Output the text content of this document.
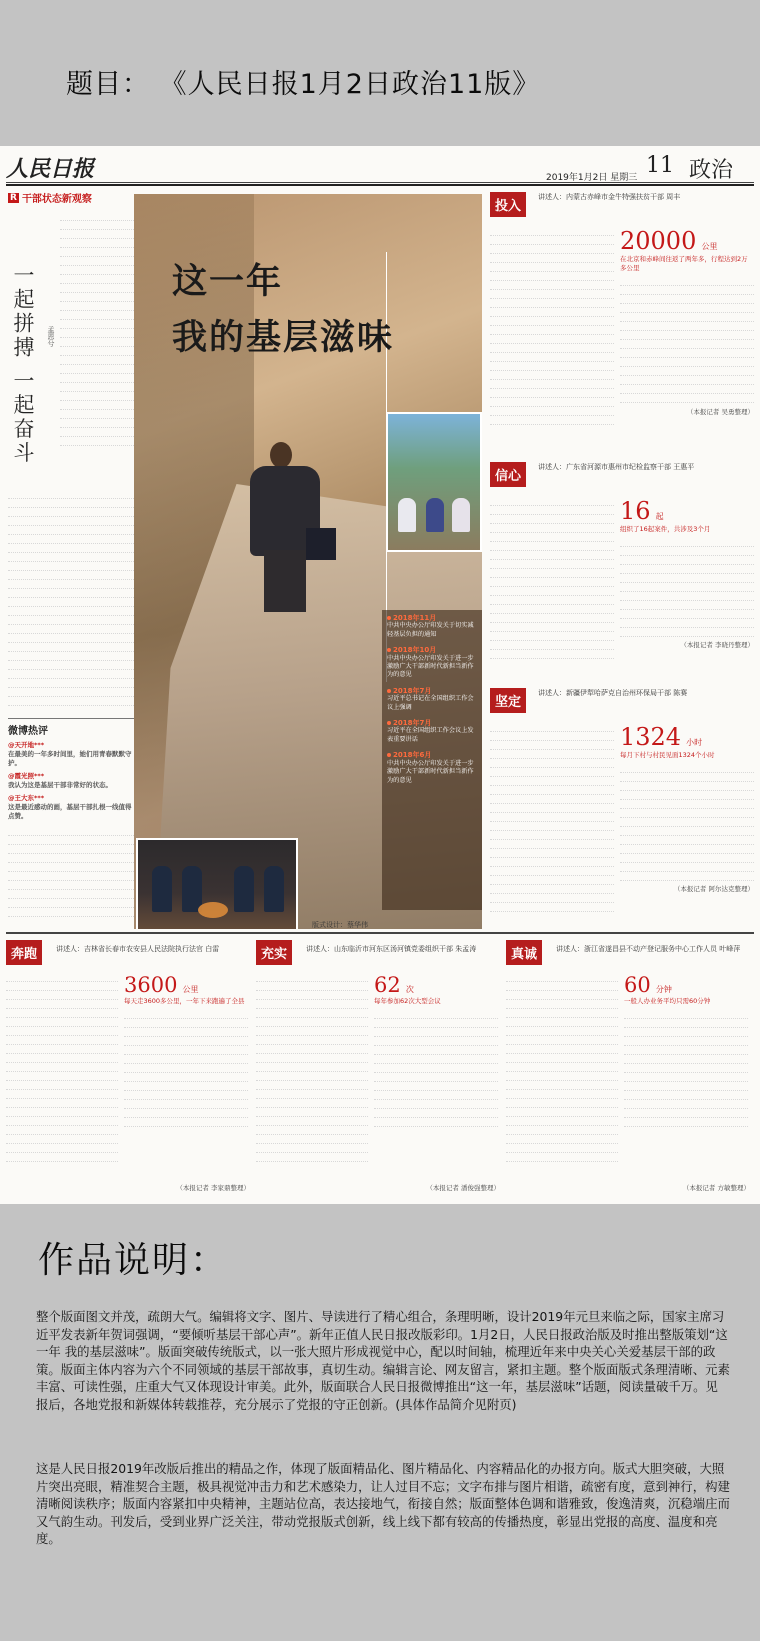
题目： 《人民日报1月2日政治11版》
人民日报	2019年1月2日 星期三 11 政治
R 干部状态新观察
一起拼搏 一起奋斗	孟恩兮
微博热评
@天开地***
在最美的一年多时间里，她们用青春默默守护。
@霞光照***
我认为这是基层干部非常好的状态。
@王大东***
这是最近感动的画，基层干部扎根一线值得点赞。
这一年
我的基层滋味
2018年11月
中共中央办公厅印发关于切实减轻基层负担的通知
2018年10月
中共中央办公厅印发关于进一步激励广大干部新时代新担当新作为的意见
2018年7月
习近平总书记在全国组织工作会议上强调
2018年7月
习近平在全国组织工作会议上发表重要讲话
2018年6月
中共中央办公厅印发关于进一步激励广大干部新时代新担当新作为的意见
版式设计：蔡华伟
投入
讲述人：内蒙古赤峰市金牛特强扶贫干部 周丰
20000 公里
在北京和赤峰间往返了两年多，行程达到2万多公里
（本报记者 吴勇整理）
信心
讲述人：广东省河源市惠州市纪检监察干部 王惠平
16 起
组织了16起案件，共涉及3个月
（本报记者 李晓丹整理）
坚定
讲述人：新疆伊犁哈萨克自治州环保局干部 陈赛
1324 小时
每月下村与村民见面1324个小时
（本报记者 阿尔达克整理）
奔跑	讲述人：吉林省长春市农安县人民法院执行法官 白雷
3600 公里
每天走3600多公里，一年下来跑遍了全县
（本报记者 李家鼎整理）
充实	讲述人：山东临沂市河东区汤河镇党委组织干部 朱孟涛
62 次
每年参加62次大型会议
（本报记者 潘俊强整理）
真诚	讲述人：浙江省遂昌县不动产登记服务中心工作人员 叶峰萍
60 分钟
一般人办业务平均只需60分钟
（本报记者 方敏整理）
作品说明：

整个版面图文并茂，疏朗大气。编辑将文字、图片、导读进行了精心组合，条理明晰，设计2019年元旦来临之际，国家主席习近平发表新年贺词强调，“要倾听基层干部心声”。新年正值人民日报改版彩印。1月2日，人民日报政治版及时推出整版策划“这一年 我的基层滋味”。版面突破传统版式，以一张大照片形成视觉中心，配以时间轴，梳理近年来中央关心关爱基层干部的政策。版面主体内容为六个不同领域的基层干部故事，真切生动。编辑言论、网友留言，紧扣主题。整个版面版式条理清晰、元素丰富、可读性强，庄重大气又体现设计审美。此外，版面联合人民日报微博推出“这一年，基层滋味”话题，阅读量破千万。见报后，各地党报和新媒体转载推荐，充分展示了党报的守正创新。(具体作品简介见附页)

这是人民日报2019年改版后推出的精品之作，体现了版面精品化、图片精品化、内容精品化的办报方向。版式大胆突破，大照片突出亮眼，精准契合主题，极具视觉冲击力和艺术感染力，让人过目不忘；文字布排与图片相谐，疏密有度，意到神行，构建清晰阅读秩序；版面内容紧扣中央精神，主题站位高，表达接地气，衔接自然；版面整体色调和谐雅致，俊逸清爽，沉稳端庄而又气韵生动。刊发后，受到业界广泛关注，带动党报版式创新，线上线下都有较高的传播热度，彰显出党报的高度、温度和亮度。
